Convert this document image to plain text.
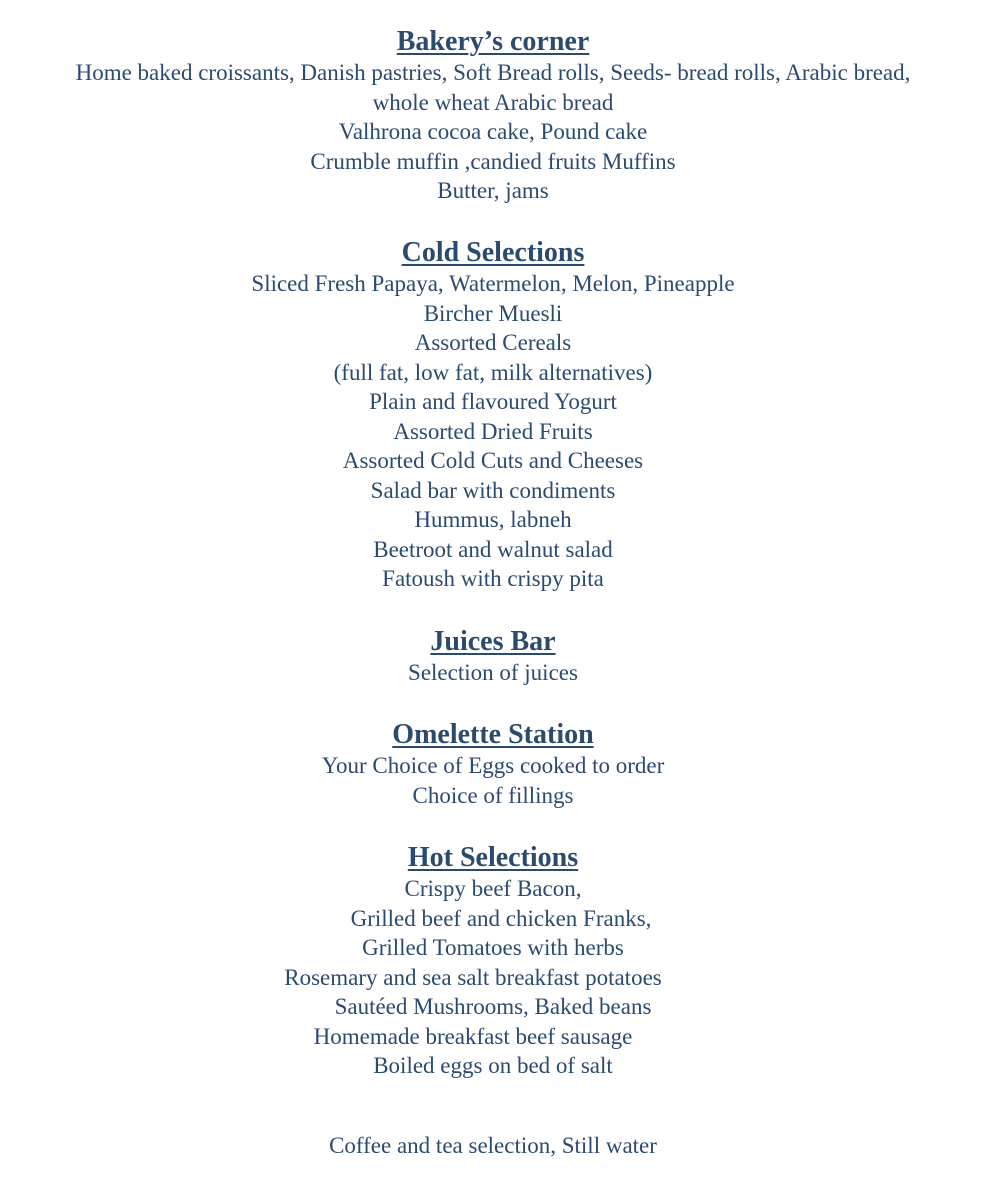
Bakery’s corner

Home baked croissants, Danish pastries, Soft Bread rolls, Seeds- bread rolls, Arabic bread,

whole wheat Arabic bread

Valhrona cocoa cake, Pound cake

Crumble muffin ,candied fruits Muffins

Butter, jams

Cold Selections

Sliced Fresh Papaya, Watermelon, Melon, Pineapple

Bircher Muesli

Assorted Cereals

(full fat, low fat, milk alternatives)

Plain and flavoured Yogurt

Assorted Dried Fruits

Assorted Cold Cuts and Cheeses

Salad bar with condiments

Hummus, labneh

Beetroot and walnut salad

Fatoush with crispy pita

Juices Bar

Selection of juices

Omelette Station

Your Choice of Eggs cooked to order

Choice of fillings

Hot Selections

Crispy beef Bacon,

Grilled beef and chicken Franks,

Grilled Tomatoes with herbs

Rosemary and sea salt breakfast potatoes

Sautéed Mushrooms, Baked beans

Homemade breakfast beef sausage

Boiled eggs on bed of salt

Coffee and tea selection, Still water
